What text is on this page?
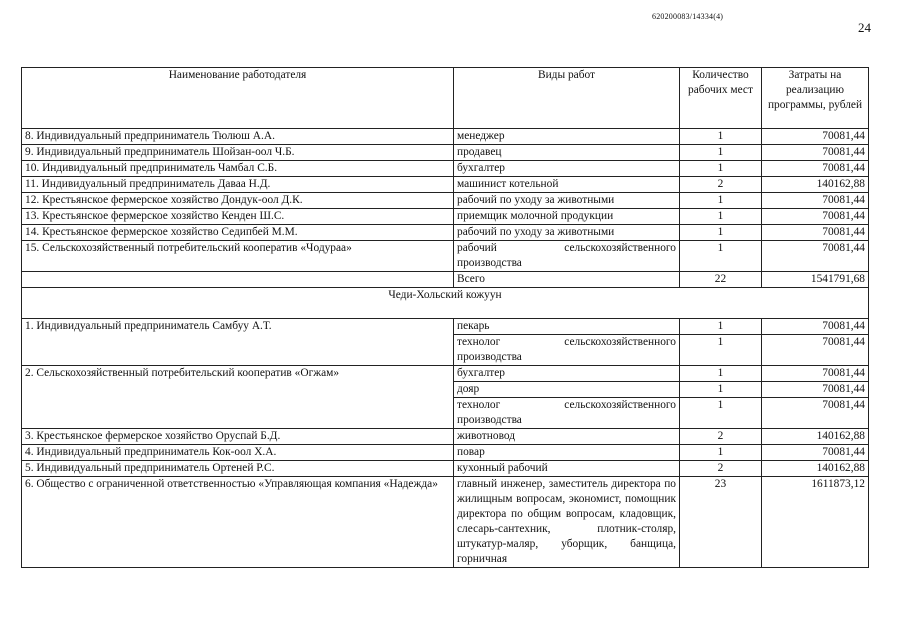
620200083/14334(4)
24
Наименование работодателя	Виды работ	Количество рабочих мест	Затраты на реализацию программы, рублей
8. Индивидуальный предприниматель Тюлюш А.А.	менеджер	1	70081,44
9. Индивидуальный предприниматель Шойзан-оол Ч.Б.	продавец	1	70081,44
10. Индивидуальный предприниматель Чамбал С.Б.	бухгалтер	1	70081,44
11. Индивидуальный предприниматель Даваа Н.Д.	машинист котельной	2	140162,88
12. Крестьянское фермерское хозяйство Дондук-оол Д.К.	рабочий по уходу за животными	1	70081,44
13. Крестьянское фермерское хозяйство Кенден Ш.С.	приемщик молочной продукции	1	70081,44
14. Крестьянское фермерское хозяйство Седипбей М.М.	рабочий по уходу за животными	1	70081,44
15. Сельскохозяйственный потребительский кооператив «Чодураа»	рабочий сельскохозяйственного производства	1	70081,44
	Всего	22	1541791,68
Чеди-Хольский кожуун			
1. Индивидуальный предприниматель Самбуу А.Т.	пекарь	1	70081,44
	технолог сельскохозяйственного производства	1	70081,44
2. Сельскохозяйственный потребительский кооператив «Огжам»	бухгалтер	1	70081,44
	дояр	1	70081,44
	технолог сельскохозяйственного производства	1	70081,44
3. Крестьянское фермерское хозяйство Оруспай Б.Д.	животновод	2	140162,88
4. Индивидуальный предприниматель Кок-оол Х.А.	повар	1	70081,44
5. Индивидуальный предприниматель Ортеней Р.С.	кухонный рабочий	2	140162,88
6. Общество с ограниченной ответственностью «Управляющая компания «Надежда»	главный инженер, заместитель директора по жилищным вопросам, экономист, помощник директора по общим вопросам, кладовщик, слесарь-сантехник, плотник-столяр, штукатур-маляр, уборщик, банщица, горничная	23	1611873,12
